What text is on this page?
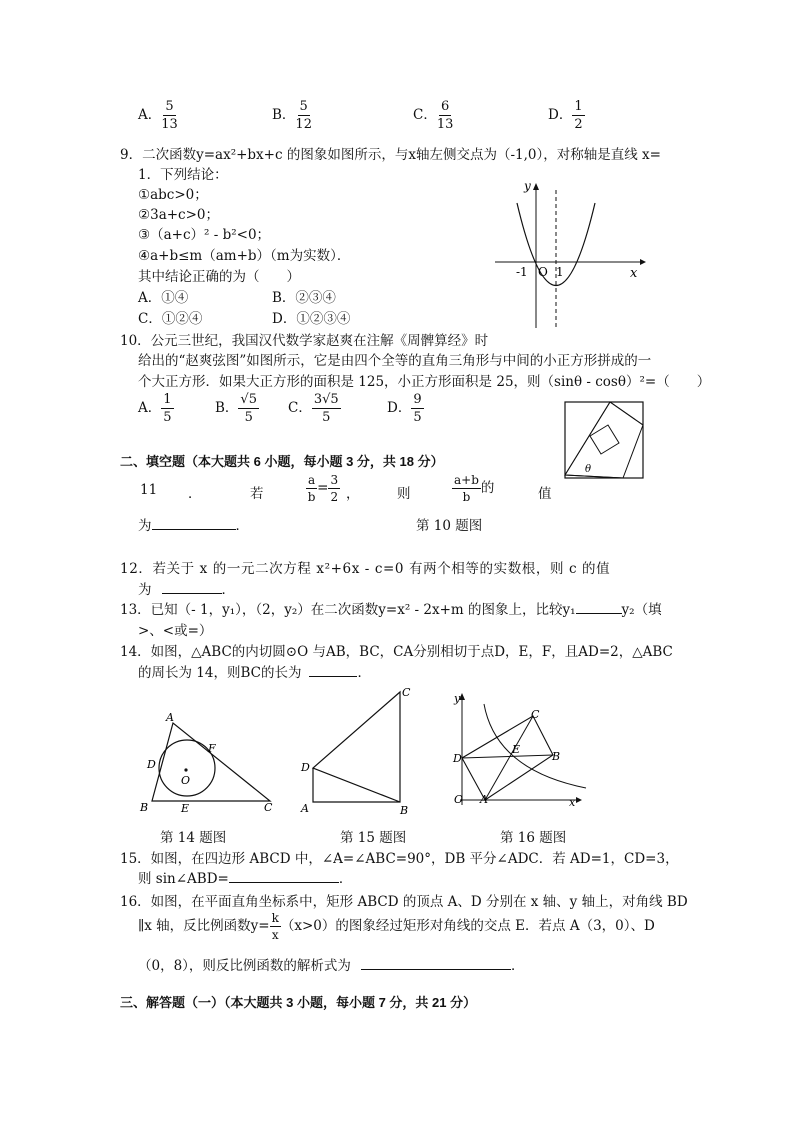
A． $\frac{5}{13}$	B． $\frac{5}{12}$	C． $\frac{6}{13}$	D． $\frac{1}{2}$
9．二次函数y=ax²+bx+c 的图象如图所示，与x轴左侧交点为（-1,0），对称轴是直线 x=
1．下列结论：
①abc>0；
②3a+c>0；
③（a+c）² - b²<0；
④a+b≤m（am+b）（m为实数）．
其中结论正确的为（　　）
A．①④	B．②③④
C．①②④	D．①②③④
y
x
-1 O 1
10．公元三世纪，我国汉代数学家赵爽在注解《周髀算经》时
给出的“赵爽弦图”如图所示，它是由四个全等的直角三角形与中间的小正方形拼成的一
个大正方形．如果大正方形的面积是 125，小正方形面积是 25，则（sinθ - cosθ）²=（　　）
A． $\frac{1}{5}$	B． $\frac{√5}{5}$ C． $\frac{3√5}{5}$	D． $\frac{9}{5}$
θ
二、填空题（本大题共 6 小题，每小题 3 分，共 18 分）
11 ．	若	$\frac{a}{b} = \frac{3}{2}$ ，	则	$\frac{a+b}{b}$ 的	值
为	．	第 10 题图
12．若关于 x 的一元二次方程 x²+6x - c=0 有两个相等的实数根，则 c 的值
为	．
13．已知（- 1，y₁），（2，y₂）在二次函数y=x² - 2x+m 的图象上，比较y₁	y₂（填
>、<或=）
14．如图，△ABC的内切圆⊙O 与AB，BC，CA分别相切于点D，E，F，且AD=2，△ABC
的周长为 14，则BC的长为	．
A
B	C
D
E
F
O
第 14 题图
A	B
C
D
第 15 题图
y
x
O A
B
C
D
E
第 16 题图
15．如图，在四边形 ABCD 中，∠A=∠ABC=90°，DB 平分∠ADC．若 AD=1，CD=3，
则 sin∠ABD=	．
16．如图，在平面直角坐标系中，矩形 ABCD 的顶点 A、D 分别在 x 轴、y 轴上，对角线 BD
∥x 轴，反比例函数$y= \frac{k}{x} (x>0)$的图象经过矩形对角线的交点 E．若点 A（3，0）、D
（0，8），则反比例函数的解析式为	．
三、解答题（一）（本大题共 3 小题，每小题 7 分，共 21 分）
